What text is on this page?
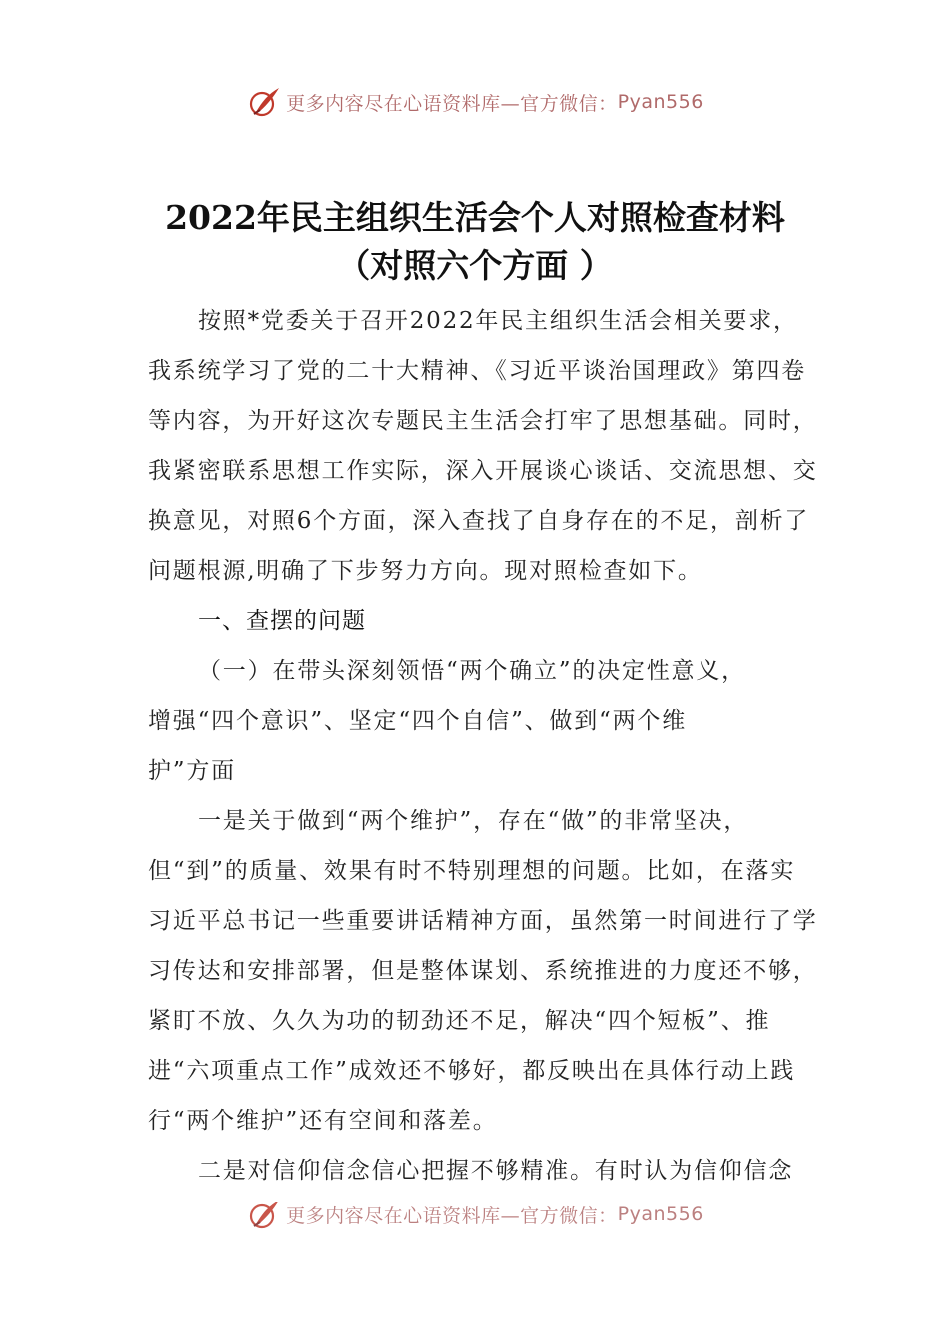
更多内容尽在心语资料库—官方微信： Pyan556
2022年民主组织生活会个人对照检查材料
（对照六个方面 ）

按照*党委关于召开2022年民主组织生活会相关要求，我系统学习了党的二十大精神、《习近平谈治国理政》第四卷等内容，为开好这次专题民主生活会打牢了思想基础。同时，我紧密联系思想工作实际，深入开展谈心谈话、交流思想、交换意见，对照6个方面，深入查找了自身存在的不足，剖析了问题根源,明确了下步努力方向。现对照检查如下。

一、查摆的问题

（一）在带头深刻领悟“两个确立”的决定性意义，
增强“四个意识”、坚定“四个自信”、做到“两个维
护”方面

一是关于做到“两个维护”，存在“做”的非常坚决，但“到”的质量、效果有时不特别理想的问题。比如，在落实习近平总书记一些重要讲话精神方面，虽然第一时间进行了学习传达和安排部署，但是整体谋划、系统推进的力度还不够，紧盯不放、久久为功的韧劲还不足，解决“四个短板”、推进“六项重点工作”成效还不够好，都反映出在具体行动上践行“两个维护”还有空间和落差。

二是对信仰信念信心把握不够精准。有时认为信仰信念

更多内容尽在心语资料库—官方微信： Pyan556
